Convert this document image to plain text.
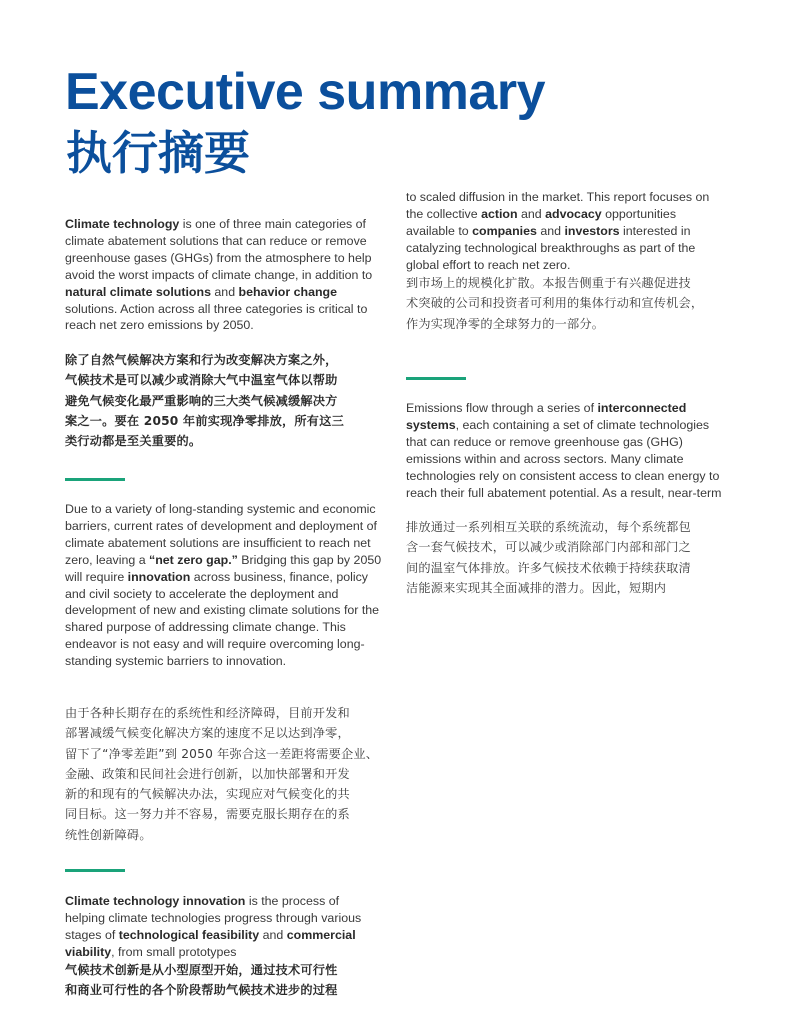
Executive summary
执行摘要

Climate technology is one of three main categories of climate abatement solutions that can reduce or remove greenhouse gases (GHGs) from the atmosphere to help avoid the worst impacts of climate change, in addition to natural climate solutions and behavior change solutions. Action across all three categories is critical to reach net zero emissions by 2050.

除了自然气候解决方案和行为改变解决方案之外，
气候技术是可以减少或消除大气中温室气体以帮助
避免气候变化最严重影响的三大类气候减缓解决方
案之一。要在 2050 年前实现净零排放，所有这三
类行动都是至关重要的。

Due to a variety of long-standing systemic and economic barriers, current rates of development and deployment of climate abatement solutions are insufficient to reach net zero, leaving a “net zero gap.” Bridging this gap by 2050 will require innovation across business, finance, policy and civil society to accelerate the deployment and development of new and existing climate solutions for the shared purpose of addressing climate change. This endeavor is not easy and will require overcoming long-standing systemic barriers to innovation.

由于各种长期存在的系统性和经济障碍，目前开发和
部署减缓气候变化解决方案的速度不足以达到净零，
留下了“净零差距”到 2050 年弥合这一差距将需要企业、
金融、政策和民间社会进行创新，以加快部署和开发
新的和现有的气候解决办法，实现应对气候变化的共
同目标。这一努力并不容易，需要克服长期存在的系
统性创新障碍。

Climate technology innovation is the process of helping climate technologies progress through various stages of technological feasibility and commercial viability, from small prototypes

气候技术创新是从小型原型开始，通过技术可行性
和商业可行性的各个阶段帮助气候技术进步的过程

to scaled diffusion in the market. This report focuses on the collective action and advocacy opportunities available to companies and investors interested in catalyzing technological breakthroughs as part of the global effort to reach net zero.

到市场上的规模化扩散。本报告侧重于有兴趣促进技
术突破的公司和投资者可利用的集体行动和宣传机会，
作为实现净零的全球努力的一部分。

Emissions flow through a series of interconnected systems, each containing a set of climate technologies that can reduce or remove greenhouse gas (GHG) emissions within and across sectors. Many climate technologies rely on consistent access to clean energy to reach their full abatement potential. As a result, near-term

排放通过一系列相互关联的系统流动，每个系统都包
含一套气候技术，可以减少或消除部门内部和部门之
间的温室气体排放。许多气候技术依赖于持续获取清
洁能源来实现其全面减排的潜力。因此，短期内
